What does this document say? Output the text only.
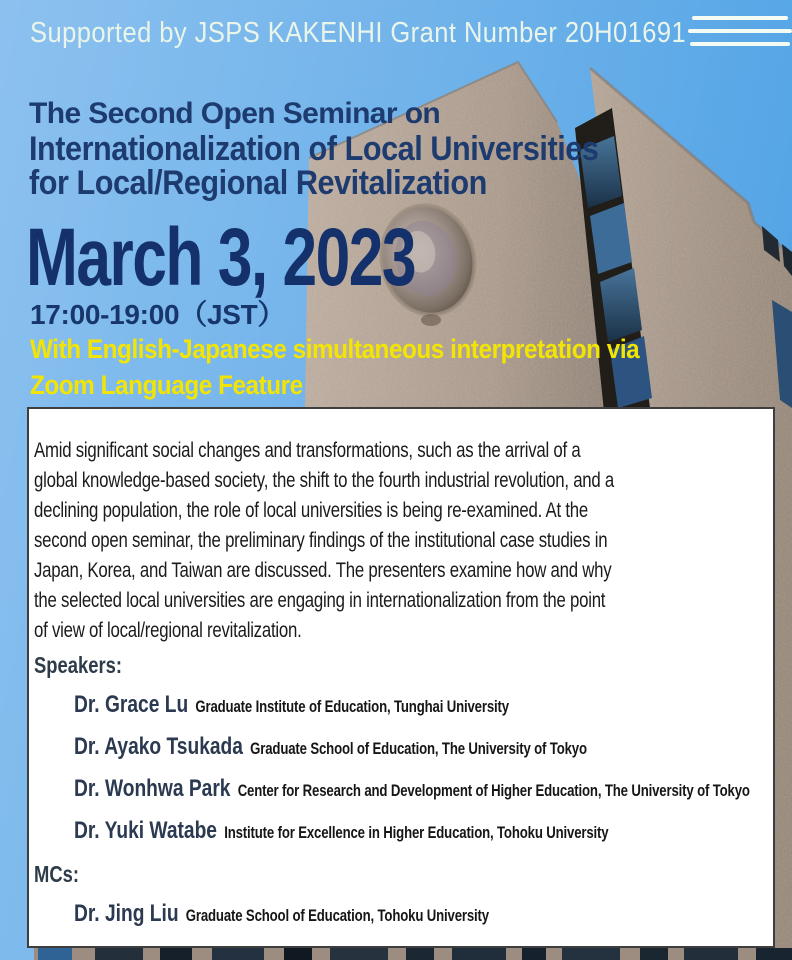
Supported by JSPS KAKENHI Grant Number 20H01691
The Second Open Seminar on
Internationalization of Local Universities
for Local/Regional Revitalization
March 3, 2023
17:00-19:00（JST）
With English-Japanese simultaneous interpretation via
Zoom Language Feature
Amid significant social changes and transformations, such as the arrival of a
global knowledge-based society, the shift to the fourth industrial revolution, and a
declining population, the role of local universities is being re-examined. At the
second open seminar, the preliminary findings of the institutional case studies in
Japan, Korea, and Taiwan are discussed. The presenters examine how and why
the selected local universities are engaging in internationalization from the point
of view of local/regional revitalization.
Speakers:
Dr. Grace Lu Graduate Institute of Education, Tunghai University
Dr. Ayako Tsukada Graduate School of Education, The University of Tokyo
Dr. Wonhwa Park Center for Research and Development of Higher Education, The University of Tokyo
Dr. Yuki Watabe Institute for Excellence in Higher Education, Tohoku University
MCs:
Dr. Jing Liu Graduate School of Education, Tohoku University
